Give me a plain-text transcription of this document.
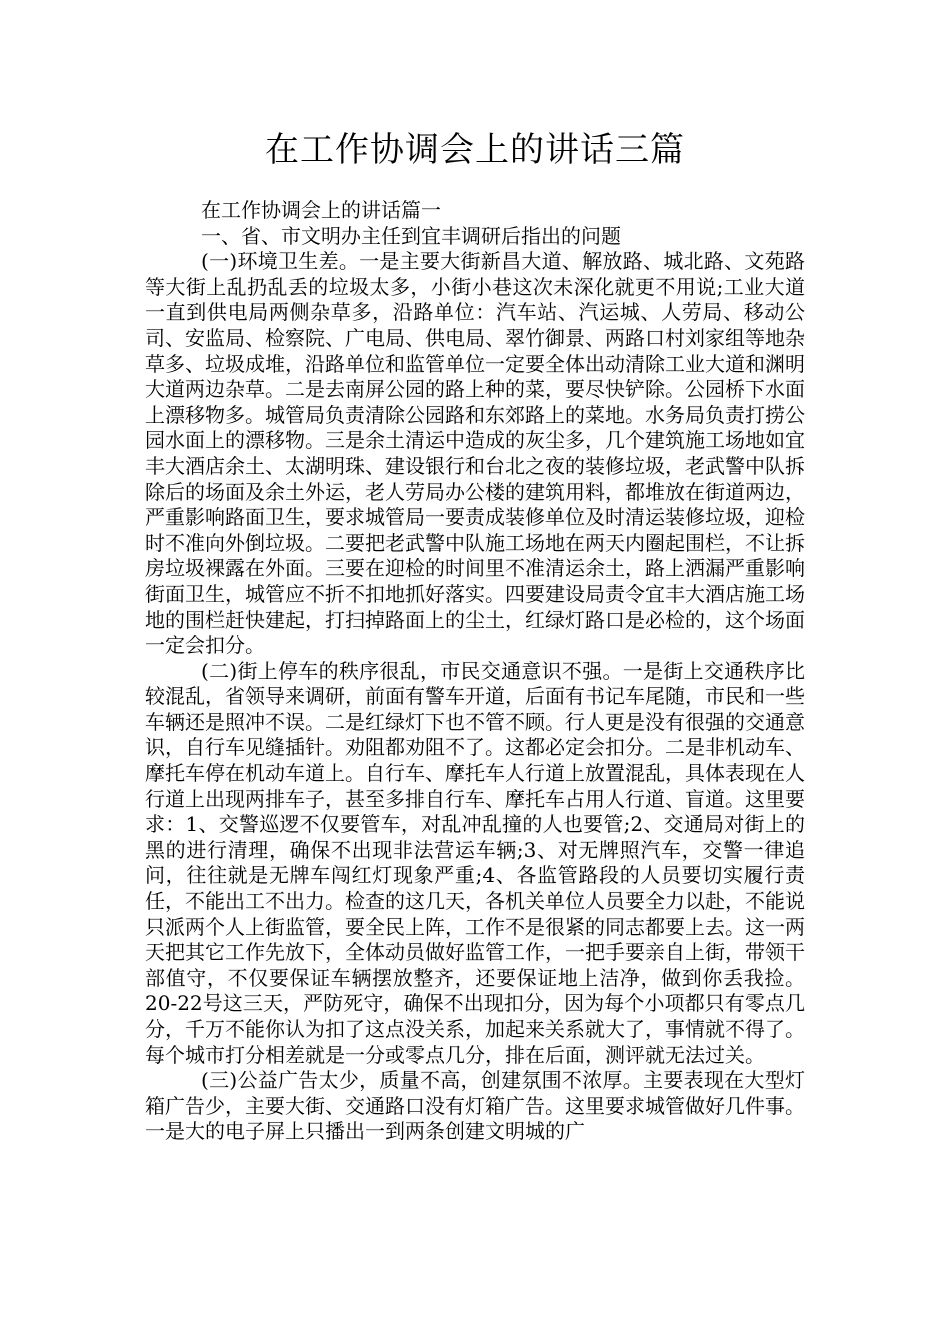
在工作协调会上的讲话三篇

在工作协调会上的讲话篇一

一、省、市文明办主任到宜丰调研后指出的问题

(一)环境卫生差。一是主要大街新昌大道、解放路、城北路、文苑路等大街上乱扔乱丢的垃圾太多，小街小巷这次未深化就更不用说;工业大道一直到供电局两侧杂草多，沿路单位：汽车站、汽运城、人劳局、移动公司、安监局、检察院、广电局、供电局、翠竹御景、两路口村刘家组等地杂草多、垃圾成堆，沿路单位和监管单位一定要全体出动清除工业大道和渊明大道两边杂草。二是去南屏公园的路上种的菜，要尽快铲除。公园桥下水面上漂移物多。城管局负责清除公园路和东郊路上的菜地。水务局负责打捞公园水面上的漂移物。三是余土清运中造成的灰尘多，几个建筑施工场地如宜丰大酒店余土、太湖明珠、建设银行和台北之夜的装修垃圾，老武警中队拆除后的场面及余土外运，老人劳局办公楼的建筑用料，都堆放在街道两边，严重影响路面卫生，要求城管局一要责成装修单位及时清运装修垃圾，迎检时不准向外倒垃圾。二要把老武警中队施工场地在两天内圈起围栏，不让拆房垃圾裸露在外面。三要在迎检的时间里不准清运余土，路上洒漏严重影响街面卫生，城管应不折不扣地抓好落实。四要建设局责令宜丰大酒店施工场地的围栏赶快建起，打扫掉路面上的尘土，红绿灯路口是必检的，这个场面一定会扣分。

(二)街上停车的秩序很乱，市民交通意识不强。一是街上交通秩序比较混乱，省领导来调研，前面有警车开道，后面有书记车尾随，市民和一些车辆还是照冲不误。二是红绿灯下也不管不顾。行人更是没有很强的交通意识，自行车见缝插针。劝阻都劝阻不了。这都必定会扣分。二是非机动车、摩托车停在机动车道上。自行车、摩托车人行道上放置混乱，具体表现在人行道上出现两排车子，甚至多排自行车、摩托车占用人行道、盲道。这里要求：1、交警巡逻不仅要管车，对乱冲乱撞的人也要管;2、交通局对街上的黑的进行清理，确保不出现非法营运车辆;3、对无牌照汽车，交警一律追问，往往就是无牌车闯红灯现象严重;4、各监管路段的人员要切实履行责任，不能出工不出力。检查的这几天，各机关单位人员要全力以赴，不能说只派两个人上街监管，要全民上阵，工作不是很紧的同志都要上去。这一两天把其它工作先放下，全体动员做好监管工作，一把手要亲自上街，带领干部值守，不仅要保证车辆摆放整齐，还要保证地上洁净，做到你丢我捡。20-22号这三天，严防死守，确保不出现扣分，因为每个小项都只有零点几分，千万不能你认为扣了这点没关系，加起来关系就大了，事情就不得了。每个城市打分相差就是一分或零点几分，排在后面，测评就无法过关。

(三)公益广告太少，质量不高，创建氛围不浓厚。主要表现在大型灯箱广告少，主要大街、交通路口没有灯箱广告。这里要求城管做好几件事。一是大的电子屏上只播出一到两条创建文明城的广
